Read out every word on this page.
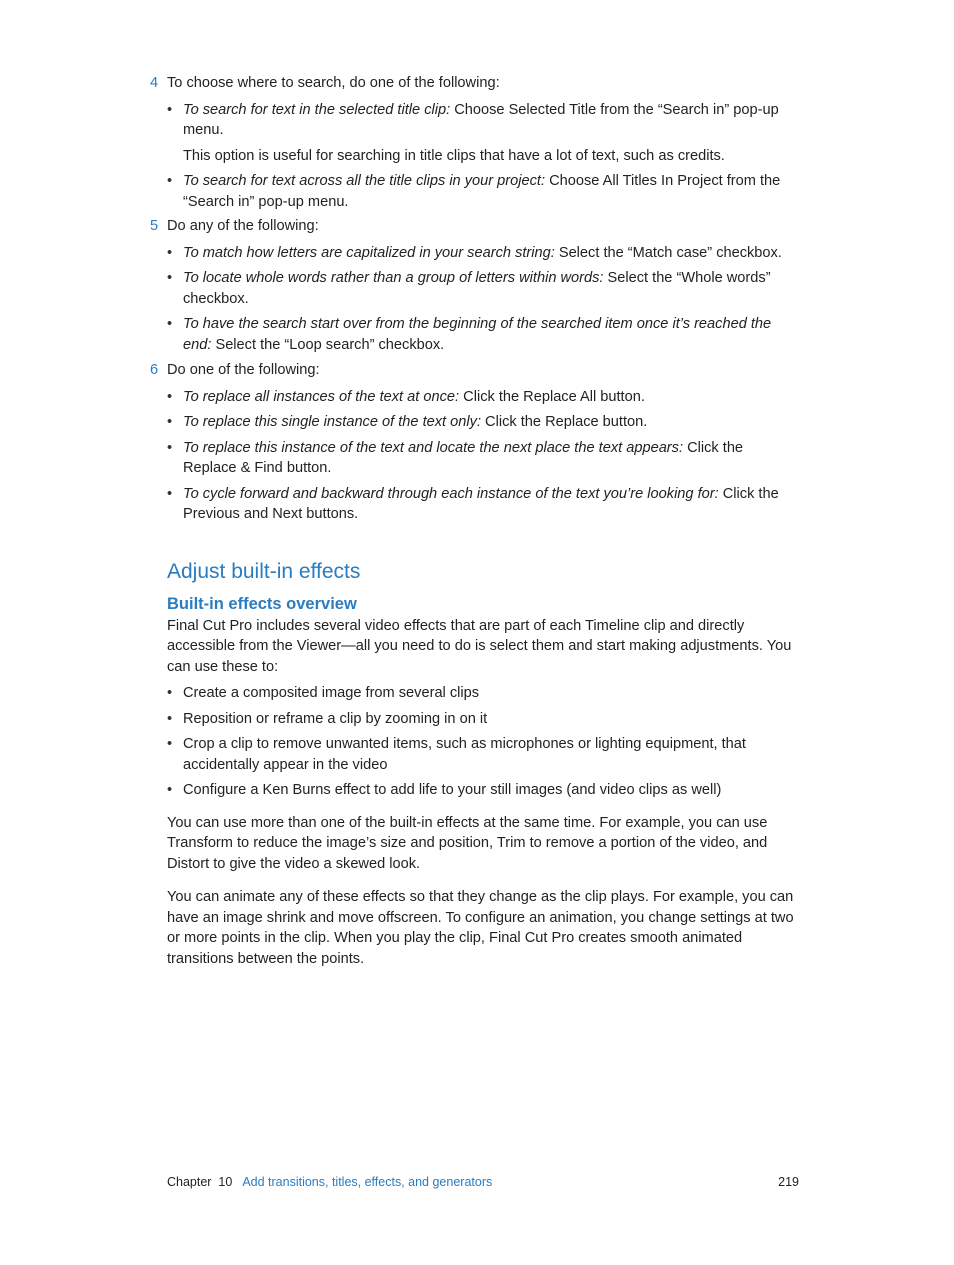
4 To choose where to search, do one of the following:

• To search for text in the selected title clip: Choose Selected Title from the “Search in” pop-up menu.

This option is useful for searching in title clips that have a lot of text, such as credits.

• To search for text across all the title clips in your project: Choose All Titles In Project from the “Search in” pop-up menu.
5 Do any of the following:

• To match how letters are capitalized in your search string: Select the “Match case” checkbox.
• To locate whole words rather than a group of letters within words: Select the “Whole words” checkbox.
• To have the search start over from the beginning of the searched item once it’s reached the end: Select the “Loop search” checkbox.
6 Do one of the following:

• To replace all instances of the text at once: Click the Replace All button.
• To replace this single instance of the text only: Click the Replace button.
• To replace this instance of the text and locate the next place the text appears: Click the Replace & Find button.
• To cycle forward and backward through each instance of the text you’re looking for: Click the Previous and Next buttons.
Adjust built-in effects
Built-in effects overview

Final Cut Pro includes several video effects that are part of each Timeline clip and directly accessible from the Viewer—all you need to do is select them and start making adjustments. You can use these to:

• Create a composited image from several clips
• Reposition or reframe a clip by zooming in on it
• Crop a clip to remove unwanted items, such as microphones or lighting equipment, that accidentally appear in the video
• Configure a Ken Burns effect to add life to your still images (and video clips as well)

You can use more than one of the built-in effects at the same time. For example, you can use Transform to reduce the image’s size and position, Trim to remove a portion of the video, and Distort to give the video a skewed look.

You can animate any of these effects so that they change as the clip plays. For example, you can have an image shrink and move offscreen. To configure an animation, you change settings at two or more points in the clip. When you play the clip, Final Cut Pro creates smooth animated transitions between the points.

Chapter  10 Add transitions, titles, effects, and generators	219
